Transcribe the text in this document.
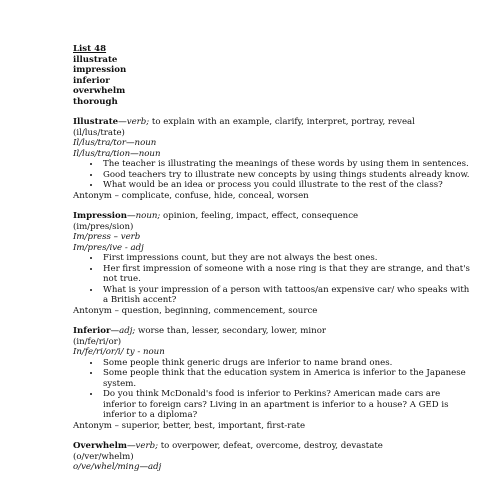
List 48
illustrate
impression
inferior
overwhelm
thorough
Illustrate—verb; to explain with an example, clarify, interpret, portray, reveal
(il/lus/trate)
Il/lus/tra/tor—noun
Il/lus/tra/tion—noun
• The teacher is illustrating the meanings of these words by using them in sentences.
• Good teachers try to illustrate new concepts by using things students already know.
• What would be an idea or process you could illustrate to the rest of the class?
Antonym – complicate, confuse, hide, conceal, worsen
Impression—noun; opinion, feeling, impact, effect, consequence
(im/pres/sion)
Im/press – verb
Im/pres/ive - adj
• First impressions count, but they are not always the best ones.
• Her first impression of someone with a nose ring is that they are strange, and that's not true.
• What is your impression of a person with tattoos/an expensive car/ who speaks with a British accent?
Antonym – question, beginning, commencement, source
Inferior—adj; worse than, lesser, secondary, lower, minor
(in/fe/ri/or)
In/fe/ri/or/i/ ty - noun
• Some people think generic drugs are inferior to name brand ones.
• Some people think that the education system in America is inferior to the Japanese system.
• Do you think McDonald's food is inferior to Perkins? American made cars are inferior to foreign cars? Living in an apartment is inferior to a house? A GED is inferior to a diploma?
Antonym – superior, better, best, important, first-rate
Overwhelm—verb; to overpower, defeat, overcome, destroy, devastate
(o/ver/whelm)
o/ve/whel/ming—adj
